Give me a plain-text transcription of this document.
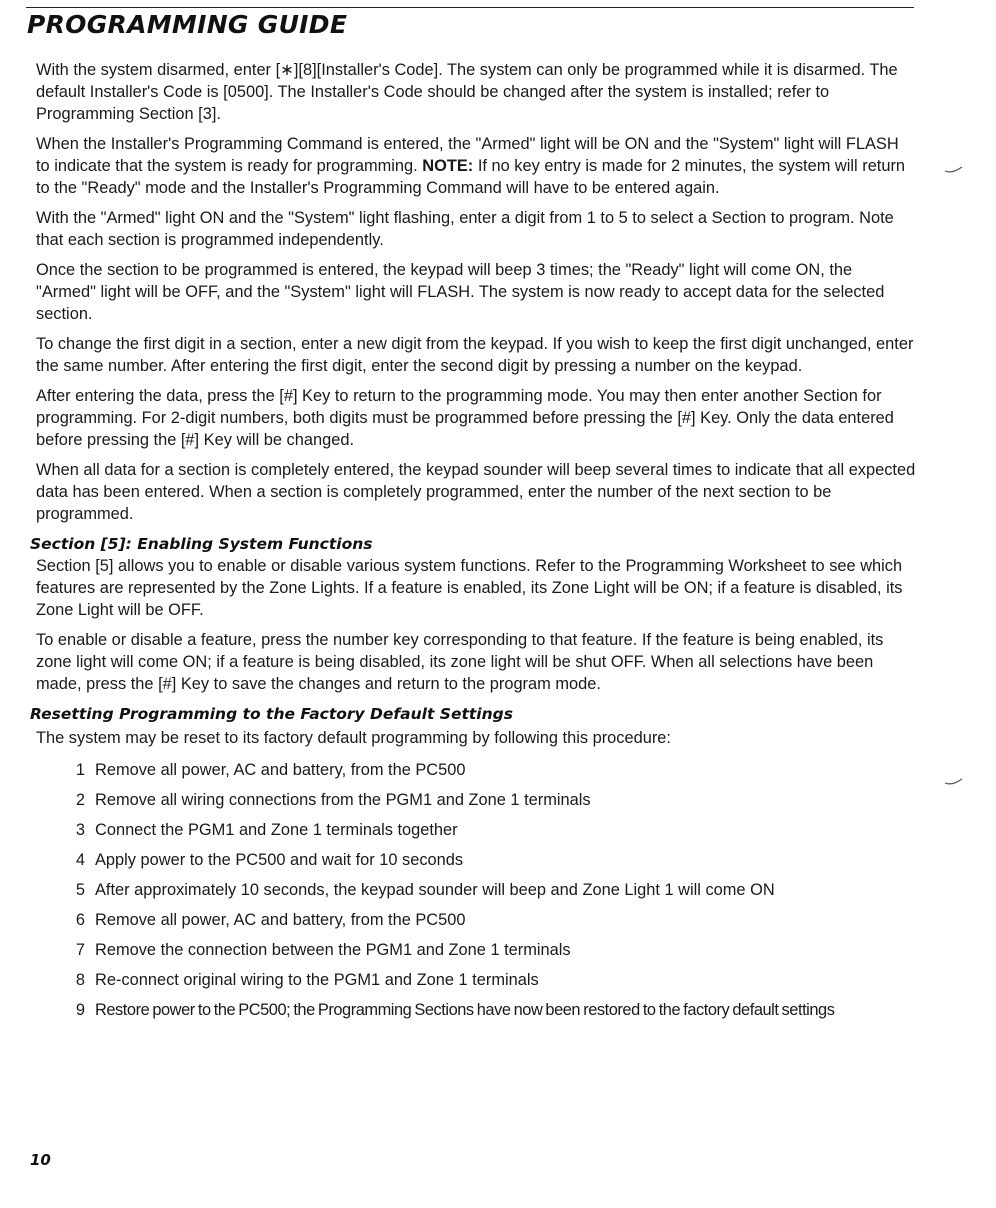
PROGRAMMING GUIDE

With the system disarmed, enter [∗][8][Installer's Code]. The system can only be programmed while it is disarmed. The default Installer's Code is [0500]. The Installer's Code should be changed after the system is installed; refer to Programming Section [3].

When the Installer's Programming Command is entered, the "Armed" light will be ON and the "System" light will FLASH to indicate that the system is ready for programming. NOTE: If no key entry is made for 2 minutes, the system will return to the "Ready" mode and the Installer's Programming Command will have to be entered again.

With the "Armed" light ON and the "System" light flashing, enter a digit from 1 to 5 to select a Section to program. Note that each section is programmed independently.

Once the section to be programmed is entered, the keypad will beep 3 times; the "Ready" light will come ON, the "Armed" light will be OFF, and the "System" light will FLASH. The system is now ready to accept data for the selected section.

To change the first digit in a section, enter a new digit from the keypad. If you wish to keep the first digit unchanged, enter the same number. After entering the first digit, enter the second digit by pressing a number on the keypad.

After entering the data, press the [#] Key to return to the programming mode. You may then enter another Section for programming. For 2-digit numbers, both digits must be programmed before pressing the [#] Key. Only the data entered before pressing the [#] Key will be changed.

When all data for a section is completely entered, the keypad sounder will beep several times to indicate that all expected data has been entered. When a section is completely programmed, enter the number of the next section to be programmed.

Section [5]: Enabling System Functions

Section [5] allows you to enable or disable various system functions. Refer to the Programming Worksheet to see which features are represented by the Zone Lights. If a feature is enabled, its Zone Light will be ON; if a feature is disabled, its Zone Light will be OFF.

To enable or disable a feature, press the number key corresponding to that feature. If the feature is being enabled, its zone light will come ON; if a feature is being disabled, its zone light will be shut OFF. When all selections have been made, press the [#] Key to save the changes and return to the program mode.

Resetting Programming to the Factory Default Settings

The system may be reset to its factory default programming by following this procedure:

1 Remove all power, AC and battery, from the PC500
2 Remove all wiring connections from the PGM1 and Zone 1 terminals
3 Connect the PGM1 and Zone 1 terminals together
4 Apply power to the PC500 and wait for 10 seconds
5 After approximately 10 seconds, the keypad sounder will beep and Zone Light 1 will come ON
6 Remove all power, AC and battery, from the PC500
7 Remove the connection between the PGM1 and Zone 1 terminals
8 Re-connect original wiring to the PGM1 and Zone 1 terminals
9 Restore power to the PC500; the Programming Sections have now been restored to the factory default settings
10
